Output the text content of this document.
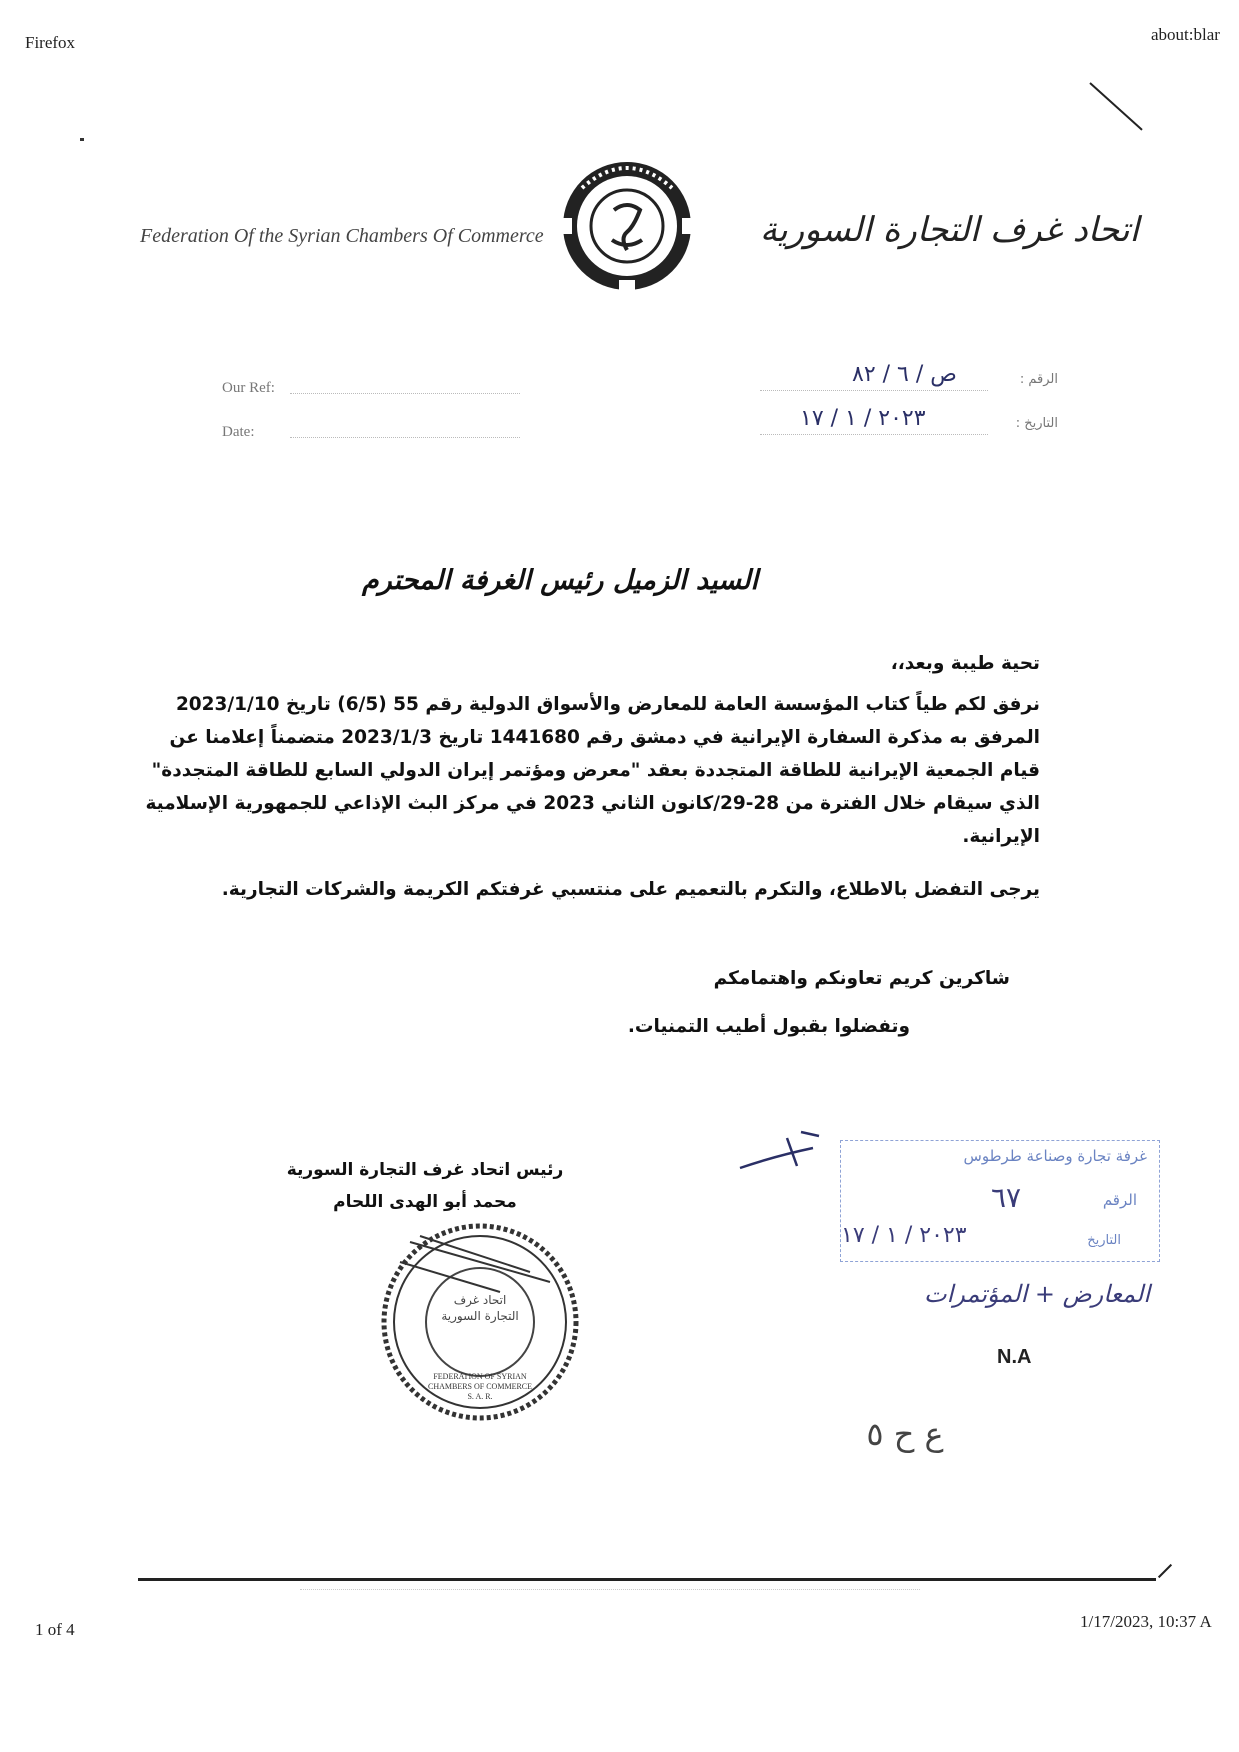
Firefox	about:blar
Federation Of the Syrian Chambers Of Commerce	اتحاد غرف التجارة السورية
Our Ref:
Date:
الرقم :
ص / ٦ / ٨٢
التاريخ :
٢٠٢٣ / ١ / ١٧
السيد الزميل رئيس الغرفة المحترم
تحية طيبة وبعد،،
نرفق لكم طياً كتاب المؤسسة العامة للمعارض والأسواق الدولية رقم 55 (6/5) تاريخ 2023/1/10
المرفق به مذكرة السفارة الإيرانية في دمشق رقم 1441680 تاريخ 2023/1/3 متضمناً إعلامنا عن
قيام الجمعية الإيرانية للطاقة المتجددة بعقد "معرض ومؤتمر إيران الدولي السابع للطاقة المتجددة"
الذي سيقام خلال الفترة من 28-29/كانون الثاني 2023 في مركز البث الإذاعي للجمهورية الإسلامية
الإيرانية.
يرجى التفضل بالاطلاع، والتكرم بالتعميم على منتسبي غرفتكم الكريمة والشركات التجارية.
شاكرين كريم تعاونكم واهتمامكم
وتفضلوا بقبول أطيب التمنيات.
رئيس اتحاد غرف التجارة السورية
محمد أبو الهدى اللحام
اتحاد غرف التجارة السورية
FEDERATION OF SYRIAN
CHAMBERS OF COMMERCE
S. A. R.
غرفة تجارة وصناعة طرطوس
الرقم
٦٧
التاريخ
٢٠٢٣ / ١ / ١٧
المعارض + المؤتمرات
N.A
ع ح ٥
1 of 4	1/17/2023, 10:37 A
